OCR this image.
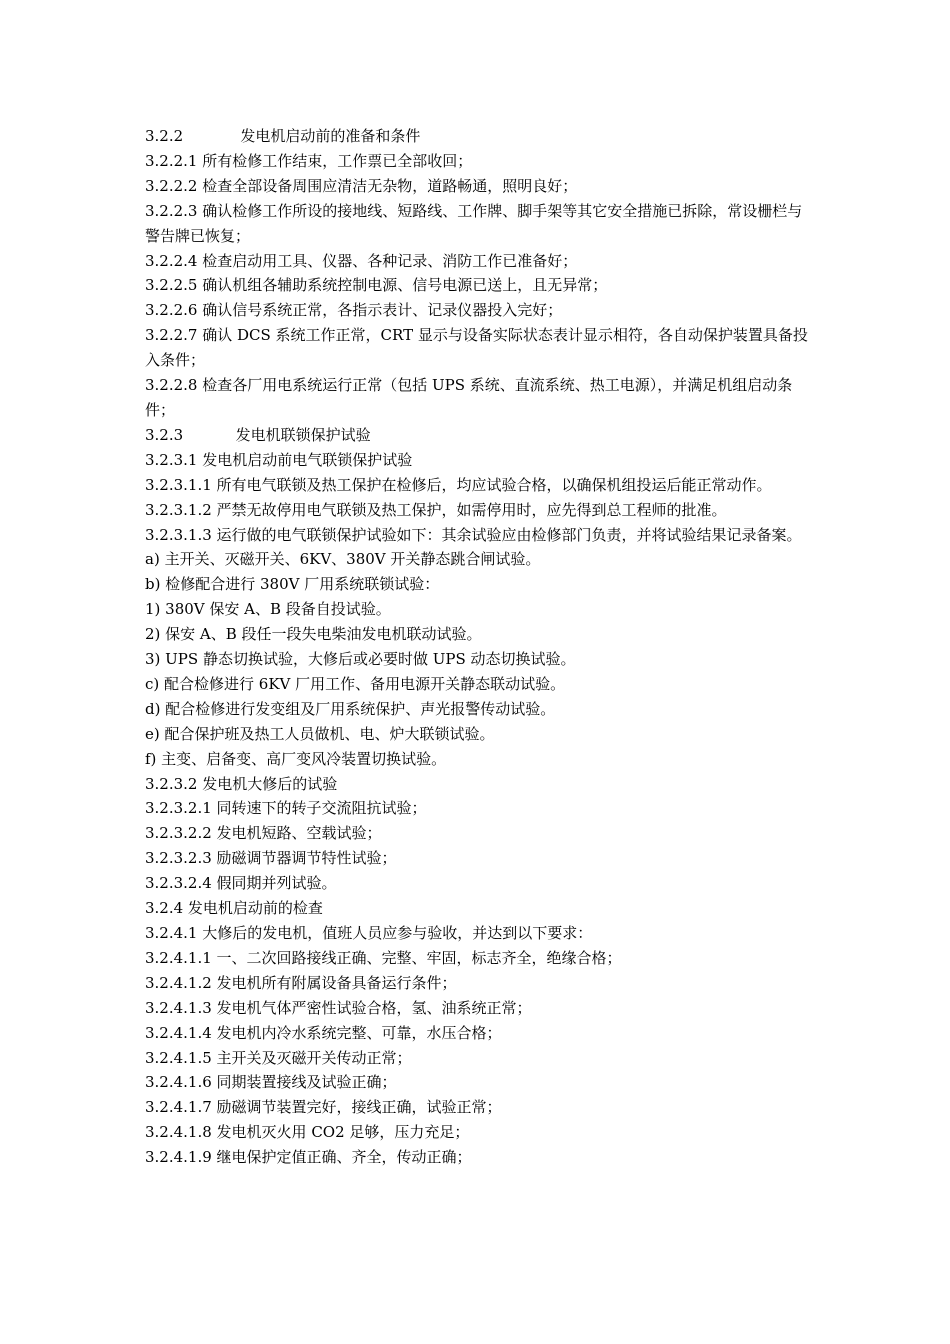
3.2.2	发电机启动前的准备和条件

3.2.2.1 所有检修工作结束，工作票已全部收回；

3.2.2.2 检查全部设备周围应清洁无杂物，道路畅通，照明良好；

3.2.2.3 确认检修工作所设的接地线、短路线、工作牌、脚手架等其它安全措施已拆除，常设栅栏与警告牌已恢复；

3.2.2.4 检查启动用工具、仪器、各种记录、消防工作已准备好；

3.2.2.5 确认机组各辅助系统控制电源、信号电源已送上，且无异常；

3.2.2.6 确认信号系统正常，各指示表计、记录仪器投入完好；

3.2.2.7 确认 DCS 系统工作正常，CRT 显示与设备实际状态表计显示相符，各自动保护装置具备投入条件；

3.2.2.8 检查各厂用电系统运行正常（包括 UPS 系统、直流系统、热工电源），并满足机组启动条件；

3.2.3	发电机联锁保护试验

3.2.3.1 发电机启动前电气联锁保护试验

3.2.3.1.1 所有电气联锁及热工保护在检修后，均应试验合格，以确保机组投运后能正常动作。

3.2.3.1.2 严禁无故停用电气联锁及热工保护，如需停用时，应先得到总工程师的批准。

3.2.3.1.3 运行做的电气联锁保护试验如下：其余试验应由检修部门负责，并将试验结果记录备案。

a) 主开关、灭磁开关、6KV、380V 开关静态跳合闸试验。

b) 检修配合进行 380V 厂用系统联锁试验：

1) 380V 保安 A、B 段备自投试验。

2) 保安 A、B 段任一段失电柴油发电机联动试验。

3) UPS 静态切换试验，大修后或必要时做 UPS 动态切换试验。

c) 配合检修进行 6KV 厂用工作、备用电源开关静态联动试验。

d) 配合检修进行发变组及厂用系统保护、声光报警传动试验。

e) 配合保护班及热工人员做机、电、炉大联锁试验。

f) 主变、启备变、高厂变风冷装置切换试验。

3.2.3.2 发电机大修后的试验

3.2.3.2.1 同转速下的转子交流阻抗试验；

3.2.3.2.2 发电机短路、空载试验；

3.2.3.2.3 励磁调节器调节特性试验；

3.2.3.2.4 假同期并列试验。

3.2.4 发电机启动前的检查

3.2.4.1 大修后的发电机，值班人员应参与验收，并达到以下要求：

3.2.4.1.1 一、二次回路接线正确、完整、牢固，标志齐全，绝缘合格；

3.2.4.1.2 发电机所有附属设备具备运行条件；

3.2.4.1.3 发电机气体严密性试验合格，氢、油系统正常；

3.2.4.1.4 发电机内冷水系统完整、可靠，水压合格；

3.2.4.1.5 主开关及灭磁开关传动正常；

3.2.4.1.6 同期装置接线及试验正确；

3.2.4.1.7 励磁调节装置完好，接线正确，试验正常；

3.2.4.1.8 发电机灭火用 CO2 足够，压力充足；

3.2.4.1.9 继电保护定值正确、齐全，传动正确；
